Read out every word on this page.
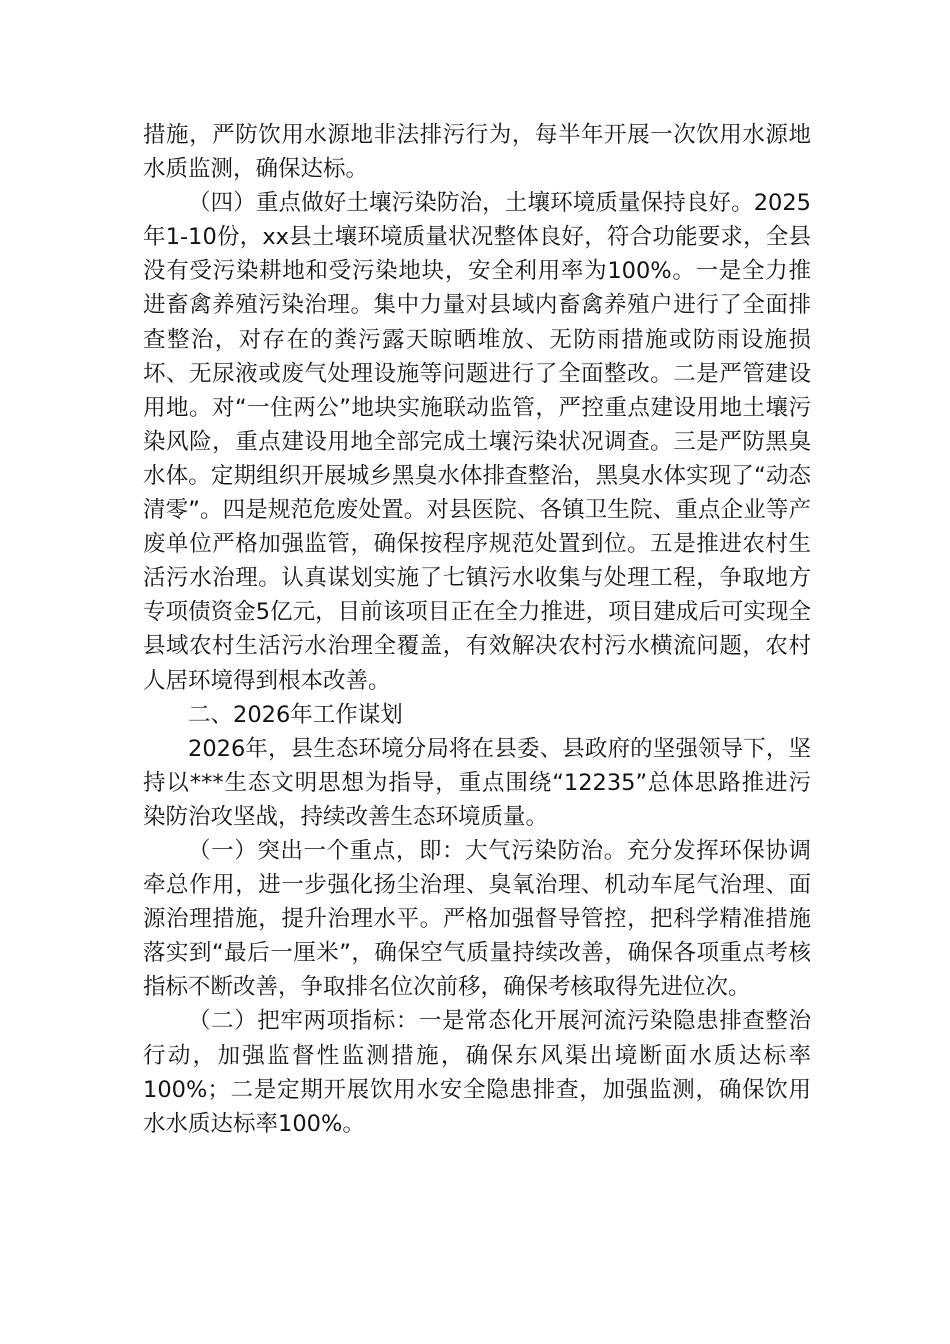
措施，严防饮用水源地非法排污行为，每半年开展一次饮用水源地水质监测，确保达标。

（四）重点做好土壤污染防治，土壤环境质量保持良好。2025年1-10份，xx县土壤环境质量状况整体良好，符合功能要求，全县没有受污染耕地和受污染地块，安全利用率为100%。一是全力推进畜禽养殖污染治理。集中力量对县域内畜禽养殖户进行了全面排查整治，对存在的粪污露天晾晒堆放、无防雨措施或防雨设施损坏、无尿液或废气处理设施等问题进行了全面整改。二是严管建设用地。对“一住两公”地块实施联动监管，严控重点建设用地土壤污染风险，重点建设用地全部完成土壤污染状况调查。三是严防黑臭水体。定期组织开展城乡黑臭水体排查整治，黑臭水体实现了“动态清零”。四是规范危废处置。对县医院、各镇卫生院、重点企业等产废单位严格加强监管，确保按程序规范处置到位。五是推进农村生活污水治理。认真谋划实施了七镇污水收集与处理工程，争取地方专项债资金5亿元，目前该项目正在全力推进，项目建成后可实现全县域农村生活污水治理全覆盖，有效解决农村污水横流问题，农村人居环境得到根本改善。

二、2026年工作谋划

2026年，县生态环境分局将在县委、县政府的坚强领导下，坚持以***生态文明思想为指导，重点围绕“12235”总体思路推进污染防治攻坚战，持续改善生态环境质量。

（一）突出一个重点，即：大气污染防治。充分发挥环保协调牵总作用，进一步强化扬尘治理、臭氧治理、机动车尾气治理、面源治理措施，提升治理水平。严格加强督导管控，把科学精准措施落实到“最后一厘米”，确保空气质量持续改善，确保各项重点考核指标不断改善，争取排名位次前移，确保考核取得先进位次。

（二）把牢两项指标：一是常态化开展河流污染隐患排查整治行动，加强监督性监测措施，确保东风渠出境断面水质达标率100%；二是定期开展饮用水安全隐患排查，加强监测，确保饮用水水质达标率100%。
